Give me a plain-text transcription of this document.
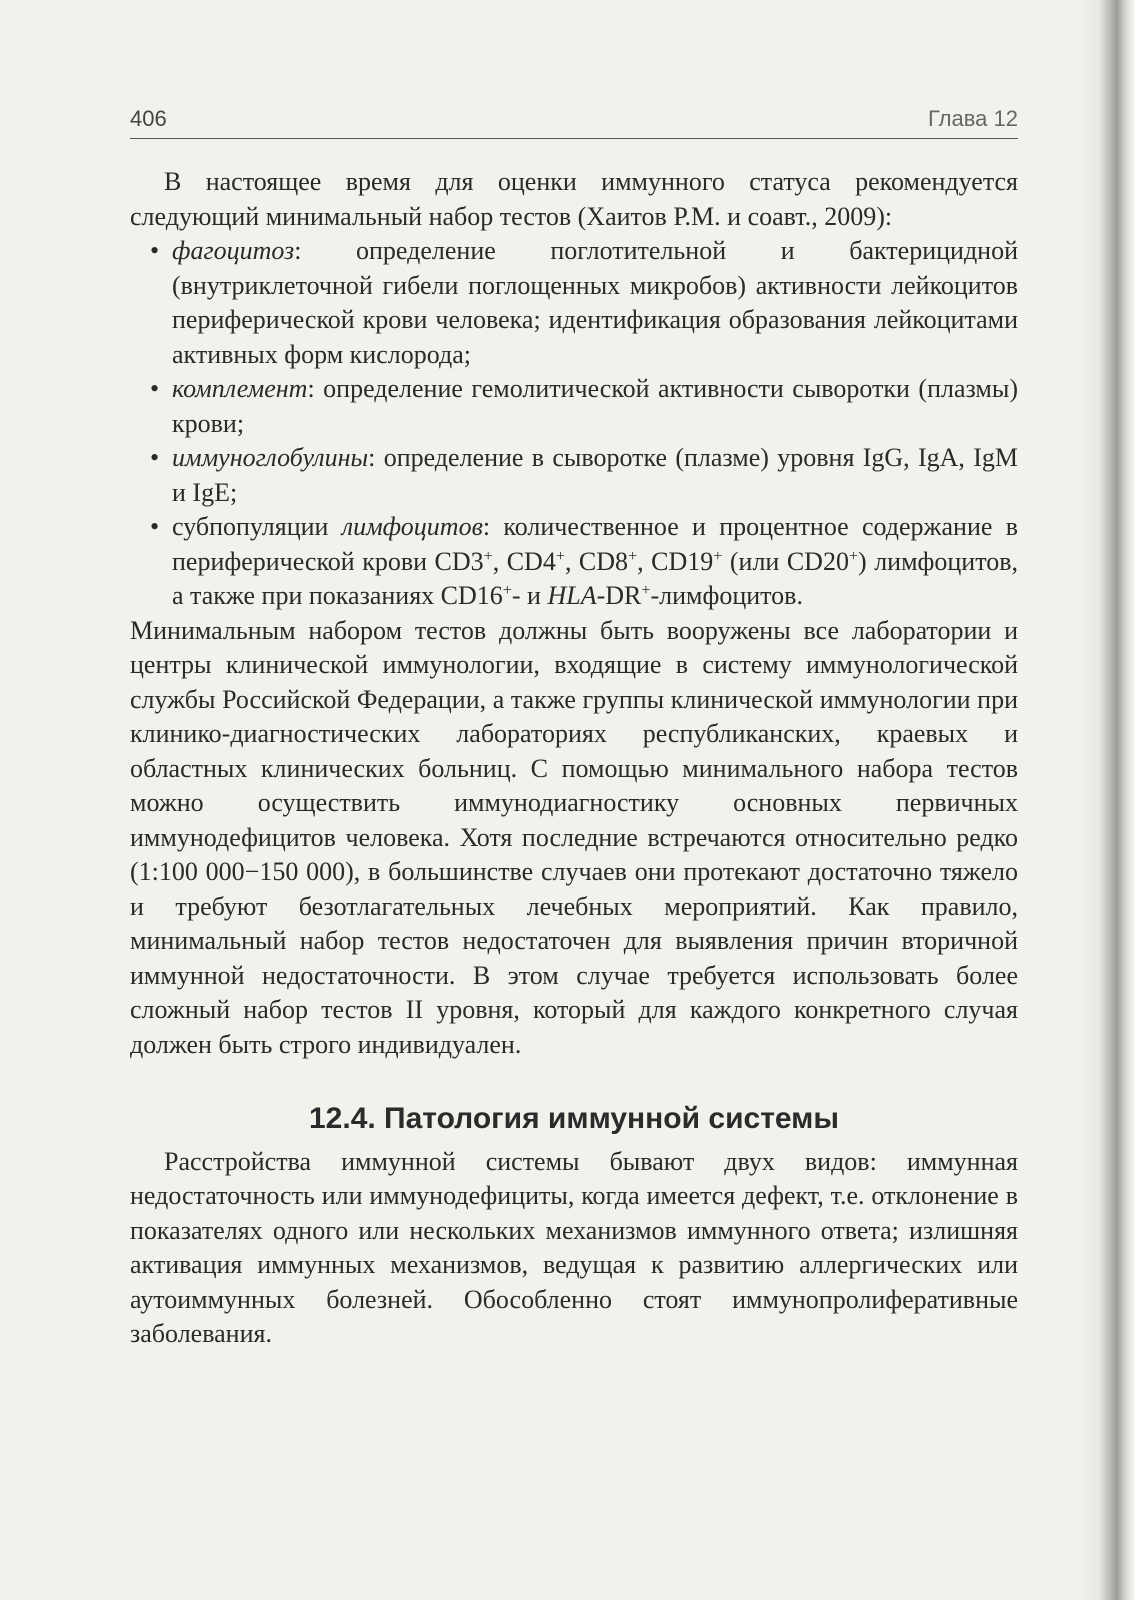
406	Глава 12

В настоящее время для оценки иммунного статуса рекомендуется следующий минимальный набор тестов (Хаитов Р.М. и соавт., 2009):

• фагоцитоз: определение поглотительной и бактерицидной (внутриклеточной гибели поглощенных микробов) активности лейкоцитов периферической крови человека; идентификация образования лейкоцитами активных форм кислорода;
• комплемент: определение гемолитической активности сыворотки (плазмы) крови;
• иммуноглобулины: определение в сыворотке (плазме) уровня IgG, IgA, IgM и IgE;
• субпопуляции лимфоцитов: количественное и процентное содержание в периферической крови CD3+, CD4+, CD8+, CD19+ (или CD20+) лимфоцитов, а также при показаниях CD16+- и HLA-DR+-лимфоцитов.

Минимальным набором тестов должны быть вооружены все лаборатории и центры клинической иммунологии, входящие в систему иммунологической службы Российской Федерации, а также группы клинической иммунологии при клинико-диагностических лабораториях республиканских, краевых и областных клинических больниц. С помощью минимального набора тестов можно осуществить иммунодиагностику основных первичных иммунодефицитов человека. Хотя последние встречаются относительно редко (1:100 000−150 000), в большинстве случаев они протекают достаточно тяжело и требуют безотлагательных лечебных мероприятий. Как правило, минимальный набор тестов недостаточен для выявления причин вторичной иммунной недостаточности. В этом случае требуется использовать более сложный набор тестов II уровня, который для каждого конкретного случая должен быть строго индивидуален.

12.4. Патология иммунной системы

Расстройства иммунной системы бывают двух видов: иммунная недостаточность или иммунодефициты, когда имеется дефект, т.е. отклонение в показателях одного или нескольких механизмов иммунного ответа; излишняя активация иммунных механизмов, ведущая к развитию аллергических или аутоиммунных болезней. Обособленно стоят иммунопролиферативные заболевания.
